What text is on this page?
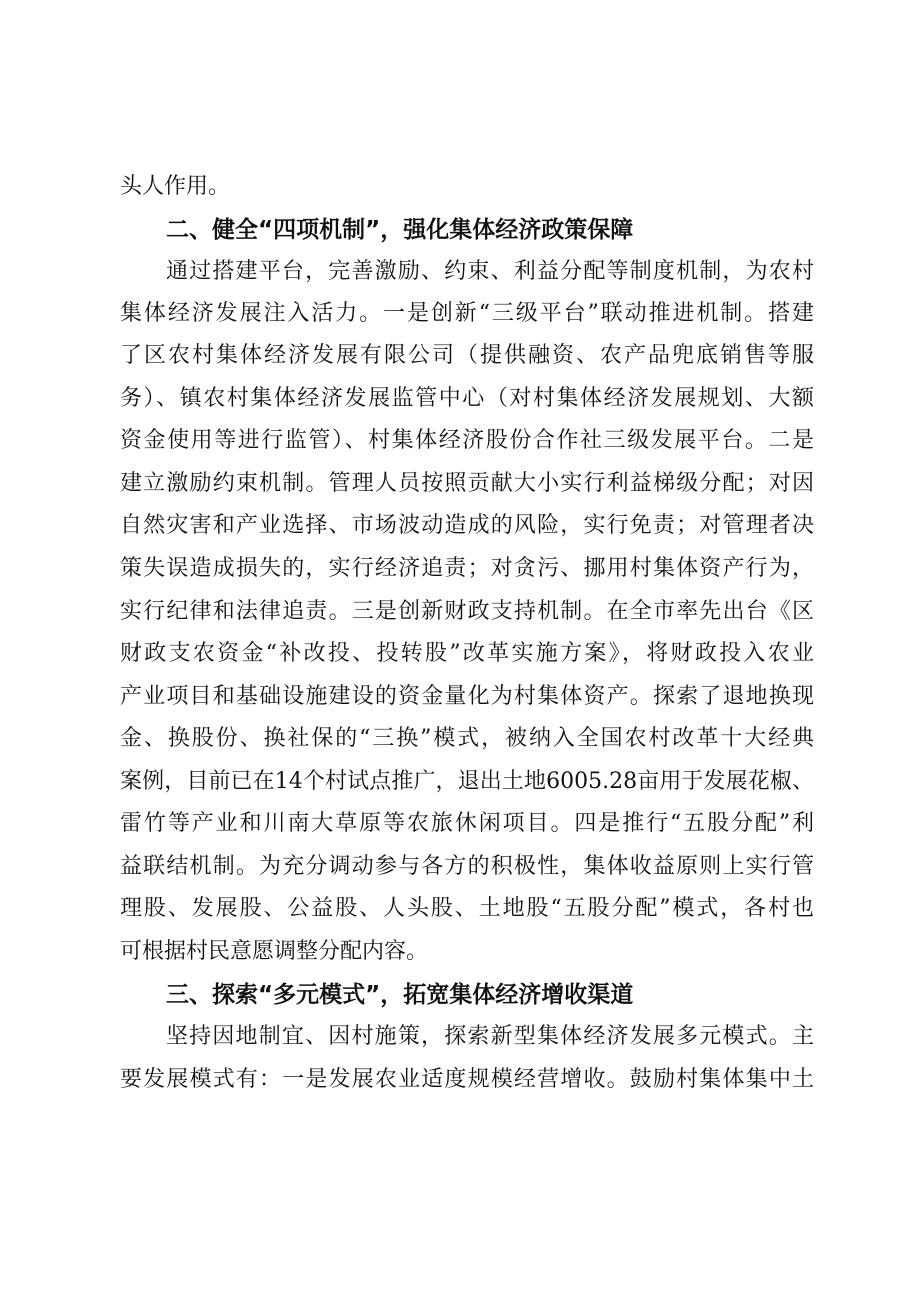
头人作用。
二、健全“四项机制”，强化集体经济政策保障
通过搭建平台，完善激励、约束、利益分配等制度机制，为农村
集体经济发展注入活力。一是创新“三级平台”联动推进机制。搭建
了区农村集体经济发展有限公司（提供融资、农产品兜底销售等服
务）、镇农村集体经济发展监管中心（对村集体经济发展规划、大额
资金使用等进行监管）、村集体经济股份合作社三级发展平台。二是
建立激励约束机制。管理人员按照贡献大小实行利益梯级分配；对因
自然灾害和产业选择、市场波动造成的风险，实行免责；对管理者决
策失误造成损失的，实行经济追责；对贪污、挪用村集体资产行为，
实行纪律和法律追责。三是创新财政支持机制。在全市率先出台《区
财政支农资金“补改投、投转股”改革实施方案》，将财政投入农业
产业项目和基础设施建设的资金量化为村集体资产。探索了退地换现
金、换股份、换社保的“三换”模式，被纳入全国农村改革十大经典
案例，目前已在14个村试点推广，退出土地6005.28亩用于发展花椒、
雷竹等产业和川南大草原等农旅休闲项目。四是推行“五股分配”利
益联结机制。为充分调动参与各方的积极性，集体收益原则上实行管
理股、发展股、公益股、人头股、土地股“五股分配”模式，各村也
可根据村民意愿调整分配内容。
三、探索“多元模式”，拓宽集体经济增收渠道
坚持因地制宜、因村施策，探索新型集体经济发展多元模式。主
要发展模式有：一是发展农业适度规模经营增收。鼓励村集体集中土
